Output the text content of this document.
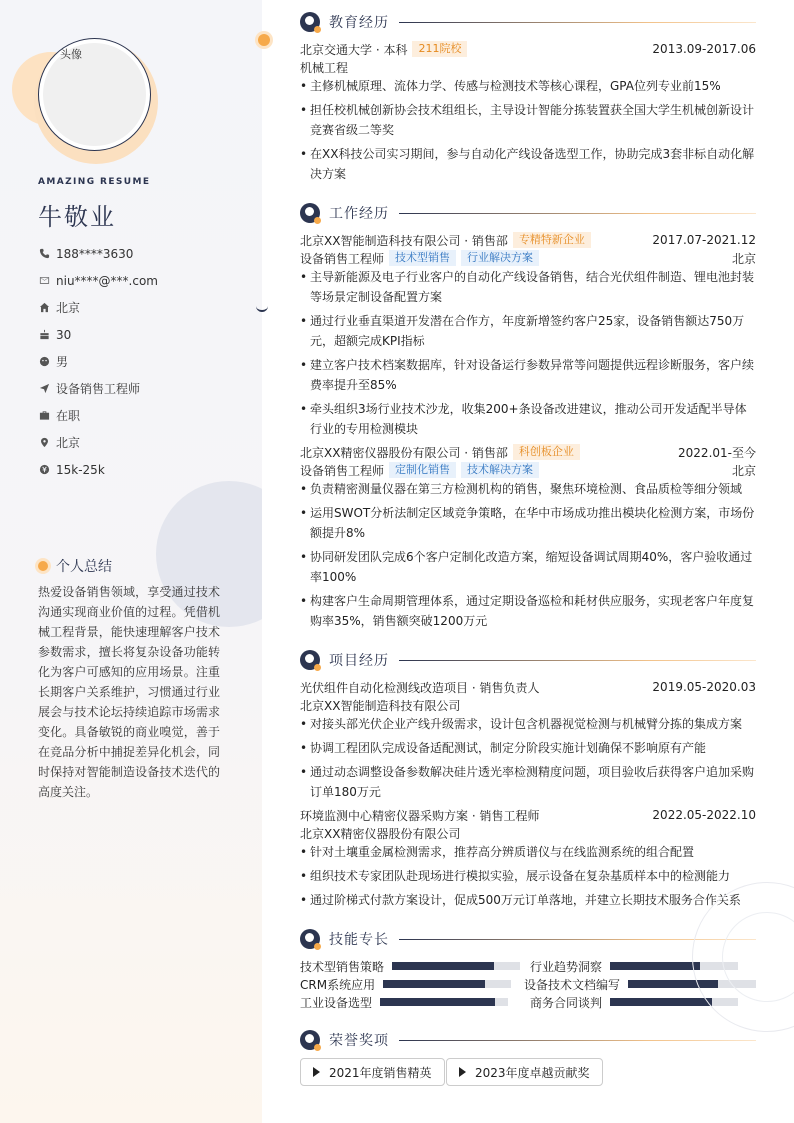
头像
AMAZING RESUME
牛敬业
188****3630
niu****@***.com
北京
30
男
设备销售工程师
在职
北京
15k-25k
个人总结
热爱设备销售领域，享受通过技术沟通实现商业价值的过程。凭借机械工程背景，能快速理解客户技术参数需求，擅长将复杂设备功能转化为客户可感知的应用场景。注重长期客户关系维护，习惯通过行业展会与技术论坛持续追踪市场需求变化。具备敏锐的商业嗅觉，善于在竞品分析中捕捉差异化机会，同时保持对智能制造设备技术迭代的高度关注。
教育经历
北京交通大学 · 本科	211院校	2013.09-2017.06
机械工程
• 主修机械原理、流体力学、传感与检测技术等核心课程，GPA位列专业前15%
• 担任校机械创新协会技术组组长，主导设计智能分拣装置获全国大学生机械创新设计竞赛省级二等奖
• 在XX科技公司实习期间，参与自动化产线设备选型工作，协助完成3套非标自动化解决方案
工作经历
北京XX智能制造科技有限公司 · 销售部	专精特新企业	2017.07-2021.12
设备销售工程师	技术型销售	行业解决方案	北京
• 主导新能源及电子行业客户的自动化产线设备销售，结合光伏组件制造、锂电池封装等场景定制设备配置方案
• 通过行业垂直渠道开发潜在合作方，年度新增签约客户25家，设备销售额达750万元，超额完成KPI指标
• 建立客户技术档案数据库，针对设备运行参数异常等问题提供远程诊断服务，客户续费率提升至85%
• 牵头组织3场行业技术沙龙，收集200+条设备改进建议，推动公司开发适配半导体行业的专用检测模块
北京XX精密仪器股份有限公司 · 销售部	科创板企业	2022.01-至今
设备销售工程师	定制化销售	技术解决方案	北京
• 负责精密测量仪器在第三方检测机构的销售，聚焦环境检测、食品质检等细分领域
• 运用SWOT分析法制定区域竞争策略，在华中市场成功推出模块化检测方案，市场份额提升8%
• 协同研发团队完成6个客户定制化改造方案，缩短设备调试周期40%，客户验收通过率100%
• 构建客户生命周期管理体系，通过定期设备巡检和耗材供应服务，实现老客户年度复购率35%，销售额突破1200万元
项目经历
光伏组件自动化检测线改造项目 · 销售负责人	2019.05-2020.03
北京XX智能制造科技有限公司
• 对接头部光伏企业产线升级需求，设计包含机器视觉检测与机械臂分拣的集成方案
• 协调工程团队完成设备适配测试，制定分阶段实施计划确保不影响原有产能
• 通过动态调整设备参数解决硅片透光率检测精度问题，项目验收后获得客户追加采购订单180万元
环境监测中心精密仪器采购方案 · 销售工程师	2022.05-2022.10
北京XX精密仪器股份有限公司
• 针对土壤重金属检测需求，推荐高分辨质谱仪与在线监测系统的组合配置
• 组织技术专家团队赴现场进行模拟实验，展示设备在复杂基质样本中的检测能力
• 通过阶梯式付款方案设计，促成500万元订单落地，并建立长期技术服务合作关系
技能专长
技术型销售策略	行业趋势洞察
CRM系统应用	设备技术文档编写
工业设备选型	商务合同谈判
荣誉奖项
2021年度销售精英	2023年度卓越贡献奖
